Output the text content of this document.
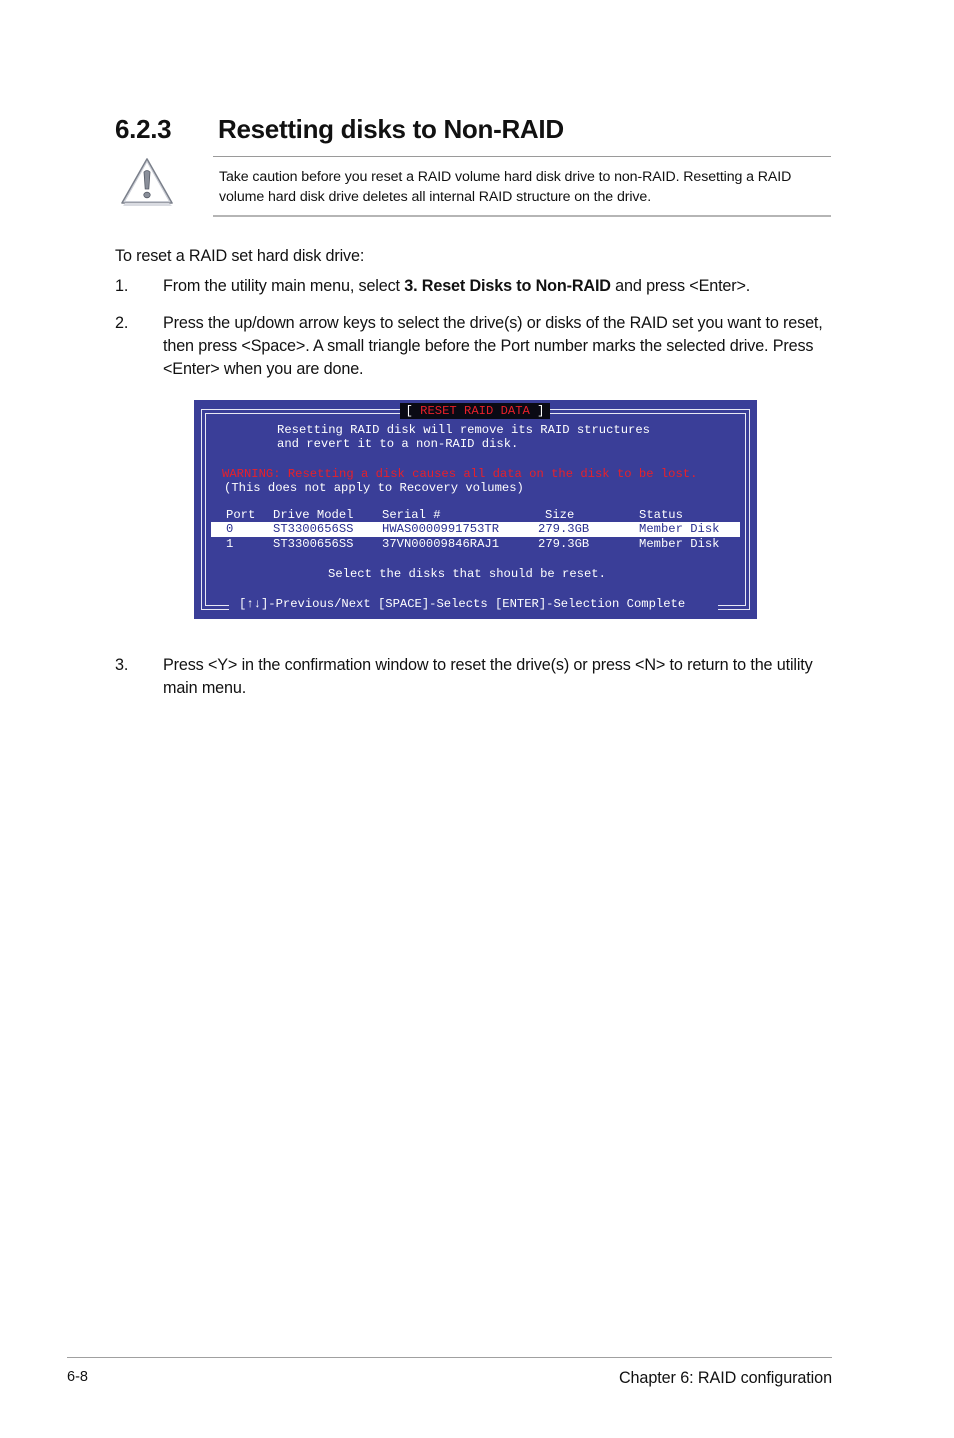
6.2.3 Resetting disks to Non-RAID
Take caution before you reset a RAID volume hard disk drive to non-RAID. Resetting a RAID volume hard disk drive deletes all internal RAID structure on the drive.
To reset a RAID set hard disk drive:
1. From the utility main menu, select 3. Reset Disks to Non-RAID and press <Enter>.
2. Press the up/down arrow keys to select the drive(s) or disks of the RAID set you want to reset, then press <Space>. A small triangle before the Port number marks the selected drive. Press <Enter> when you are done.
[ RESET RAID DATA ]
Resetting RAID disk will remove its RAID structures
and revert it to a non-RAID disk.
WARNING: Resetting a disk causes all data on the disk to be lost.
(This does not apply to Recovery volumes)
Port Drive Model Serial #	Size	Status
0	ST3300656SS HWAS0000991753TR	279.3GB	Member Disk
1	ST3300656SS 37VN00009846RAJ1	279.3GB	Member Disk
Select the disks that should be reset.
[↑↓]-Previous/Next [SPACE]-Selects [ENTER]-Selection Complete
3. Press <Y> in the confirmation window to reset the drive(s) or press <N> to return to the utility main menu.
6-8	Chapter 6: RAID configuration
